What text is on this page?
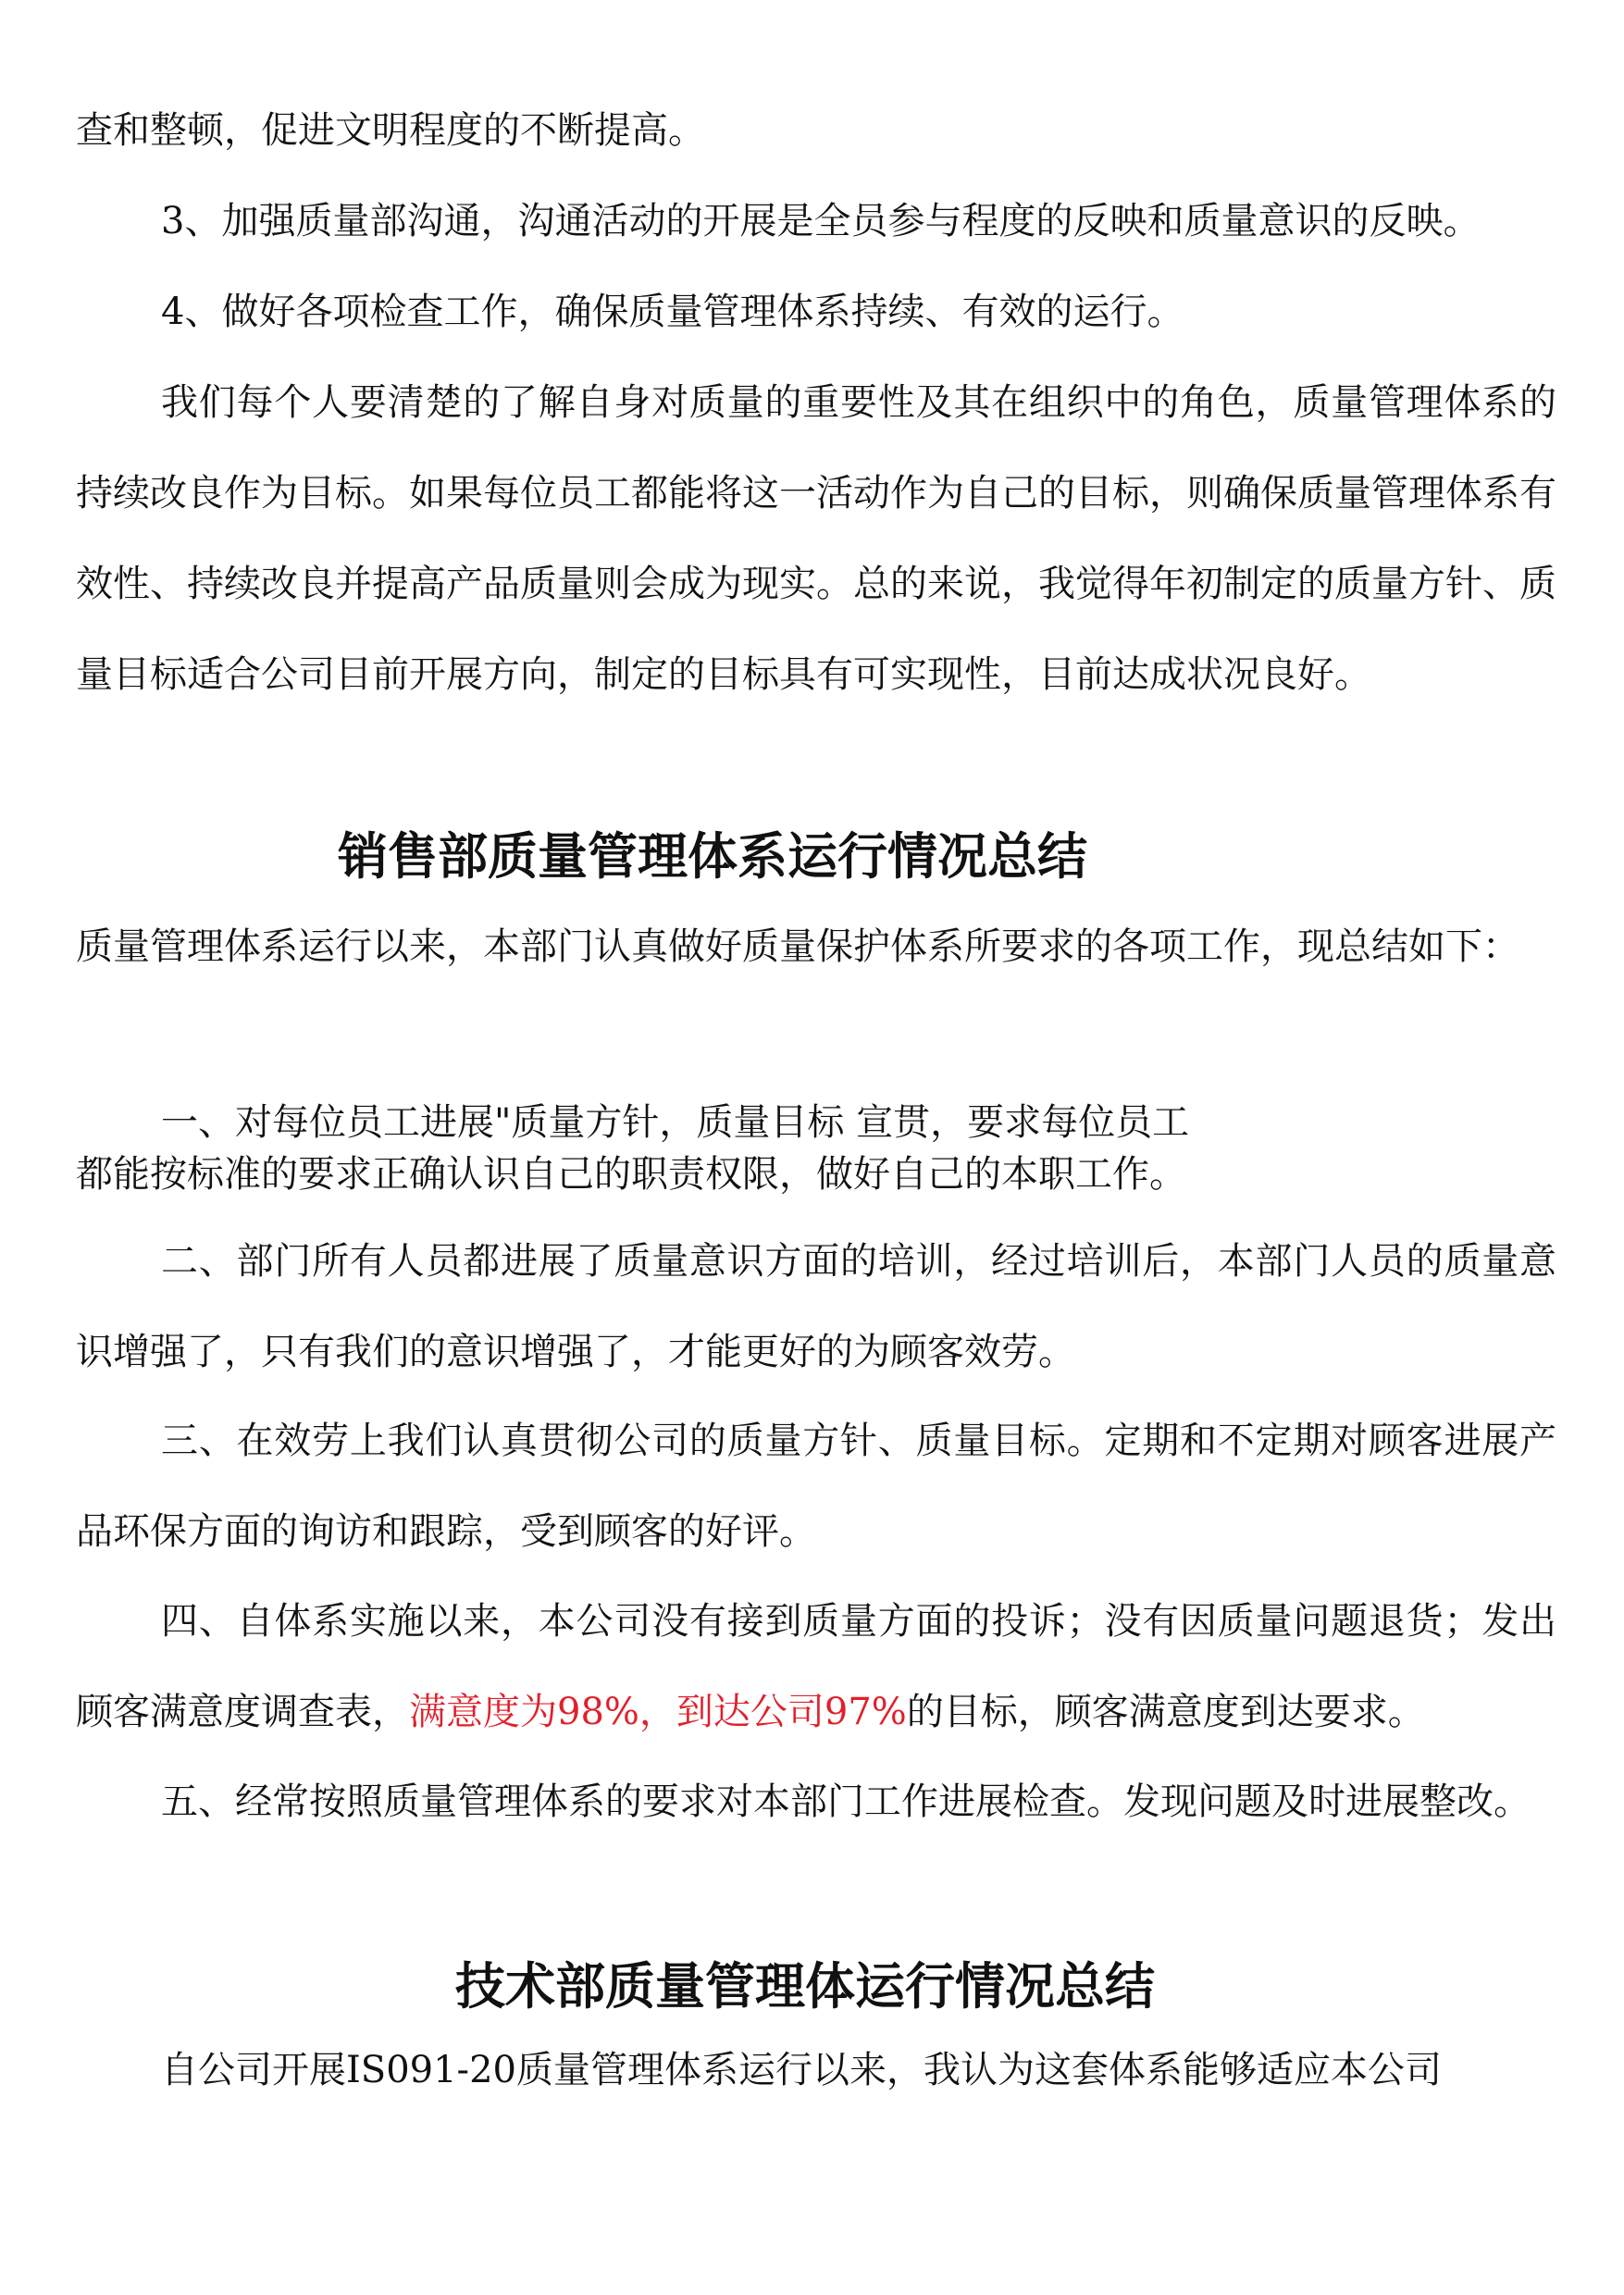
查和整顿，促进文明程度的不断提高。

3、加强质量部沟通，沟通活动的开展是全员参与程度的反映和质量意识的反映。

4、做好各项检查工作，确保质量管理体系持续、有效的运行。

我们每个人要清楚的了解自身对质量的重要性及其在组织中的角色，质量管理体系的持续改良作为目标。如果每位员工都能将这一活动作为自己的目标，则确保质量管理体系有效性、持续改良并提高产品质量则会成为现实。总的来说，我觉得年初制定的质量方针、质量目标适合公司目前开展方向，制定的目标具有可实现性，目前达成状况良好。

销售部质量管理体系运行情况总结

质量管理体系运行以来，本部门认真做好质量保护体系所要求的各项工作，现总结如下：

一、对每位员工进展"质量方针，质量目标 宣贯，要求每位员工

都能按标准的要求正确认识自己的职责权限，做好自己的本职工作。

二、部门所有人员都进展了质量意识方面的培训，经过培训后，本部门人员的质量意识增强了，只有我们的意识增强了，才能更好的为顾客效劳。

三、在效劳上我们认真贯彻公司的质量方针、质量目标。定期和不定期对顾客进展产品环保方面的询访和跟踪，受到顾客的好评。

四、自体系实施以来，本公司没有接到质量方面的投诉；没有因质量问题退货；发出顾客满意度调查表，满意度为98%，到达公司97%的目标，顾客满意度到达要求。

五、经常按照质量管理体系的要求对本部门工作进展检查。发现问题及时进展整改。

技术部质量管理体运行情况总结

自公司开展IS091-20质量管理体系运行以来，我认为这套体系能够适应本公司
